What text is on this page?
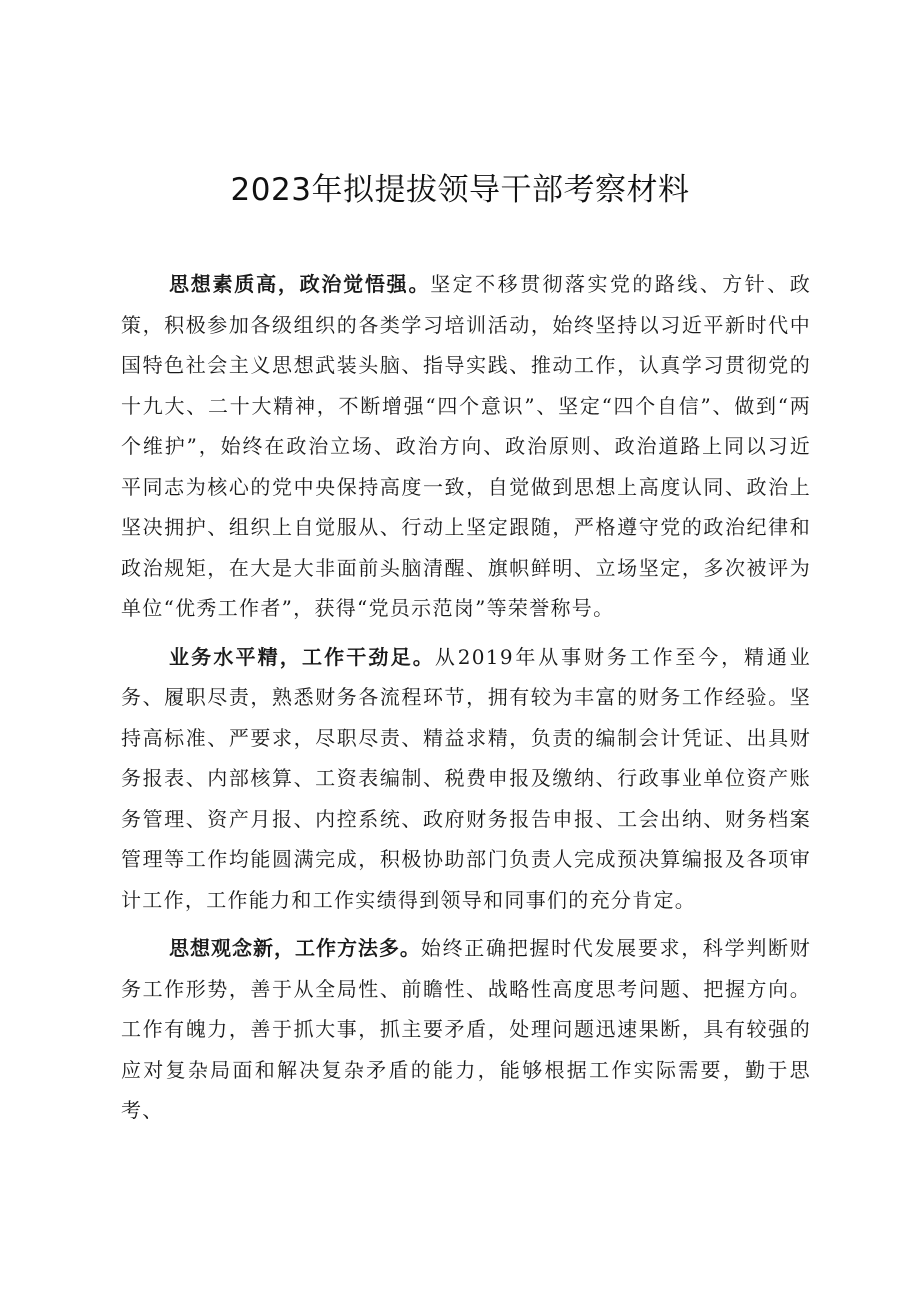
2023年拟提拔领导干部考察材料

思想素质高，政治觉悟强。坚定不移贯彻落实党的路线、方针、政策，积极参加各级组织的各类学习培训活动，始终坚持以习近平新时代中国特色社会主义思想武装头脑、指导实践、推动工作，认真学习贯彻党的十九大、二十大精神，不断增强“四个意识”、坚定“四个自信”、做到“两个维护”，始终在政治立场、政治方向、政治原则、政治道路上同以习近平同志为核心的党中央保持高度一致，自觉做到思想上高度认同、政治上坚决拥护、组织上自觉服从、行动上坚定跟随，严格遵守党的政治纪律和政治规矩，在大是大非面前头脑清醒、旗帜鲜明、立场坚定，多次被评为单位“优秀工作者”，获得“党员示范岗”等荣誉称号。

业务水平精，工作干劲足。从2019年从事财务工作至今，精通业务、履职尽责，熟悉财务各流程环节，拥有较为丰富的财务工作经验。坚持高标准、严要求，尽职尽责、精益求精，负责的编制会计凭证、出具财务报表、内部核算、工资表编制、税费申报及缴纳、行政事业单位资产账务管理、资产月报、内控系统、政府财务报告申报、工会出纳、财务档案管理等工作均能圆满完成，积极协助部门负责人完成预决算编报及各项审计工作，工作能力和工作实绩得到领导和同事们的充分肯定。

思想观念新，工作方法多。始终正确把握时代发展要求，科学判断财务工作形势，善于从全局性、前瞻性、战略性高度思考问题、把握方向。工作有魄力，善于抓大事，抓主要矛盾，处理问题迅速果断，具有较强的应对复杂局面和解决复杂矛盾的能力，能够根据工作实际需要，勤于思考、
